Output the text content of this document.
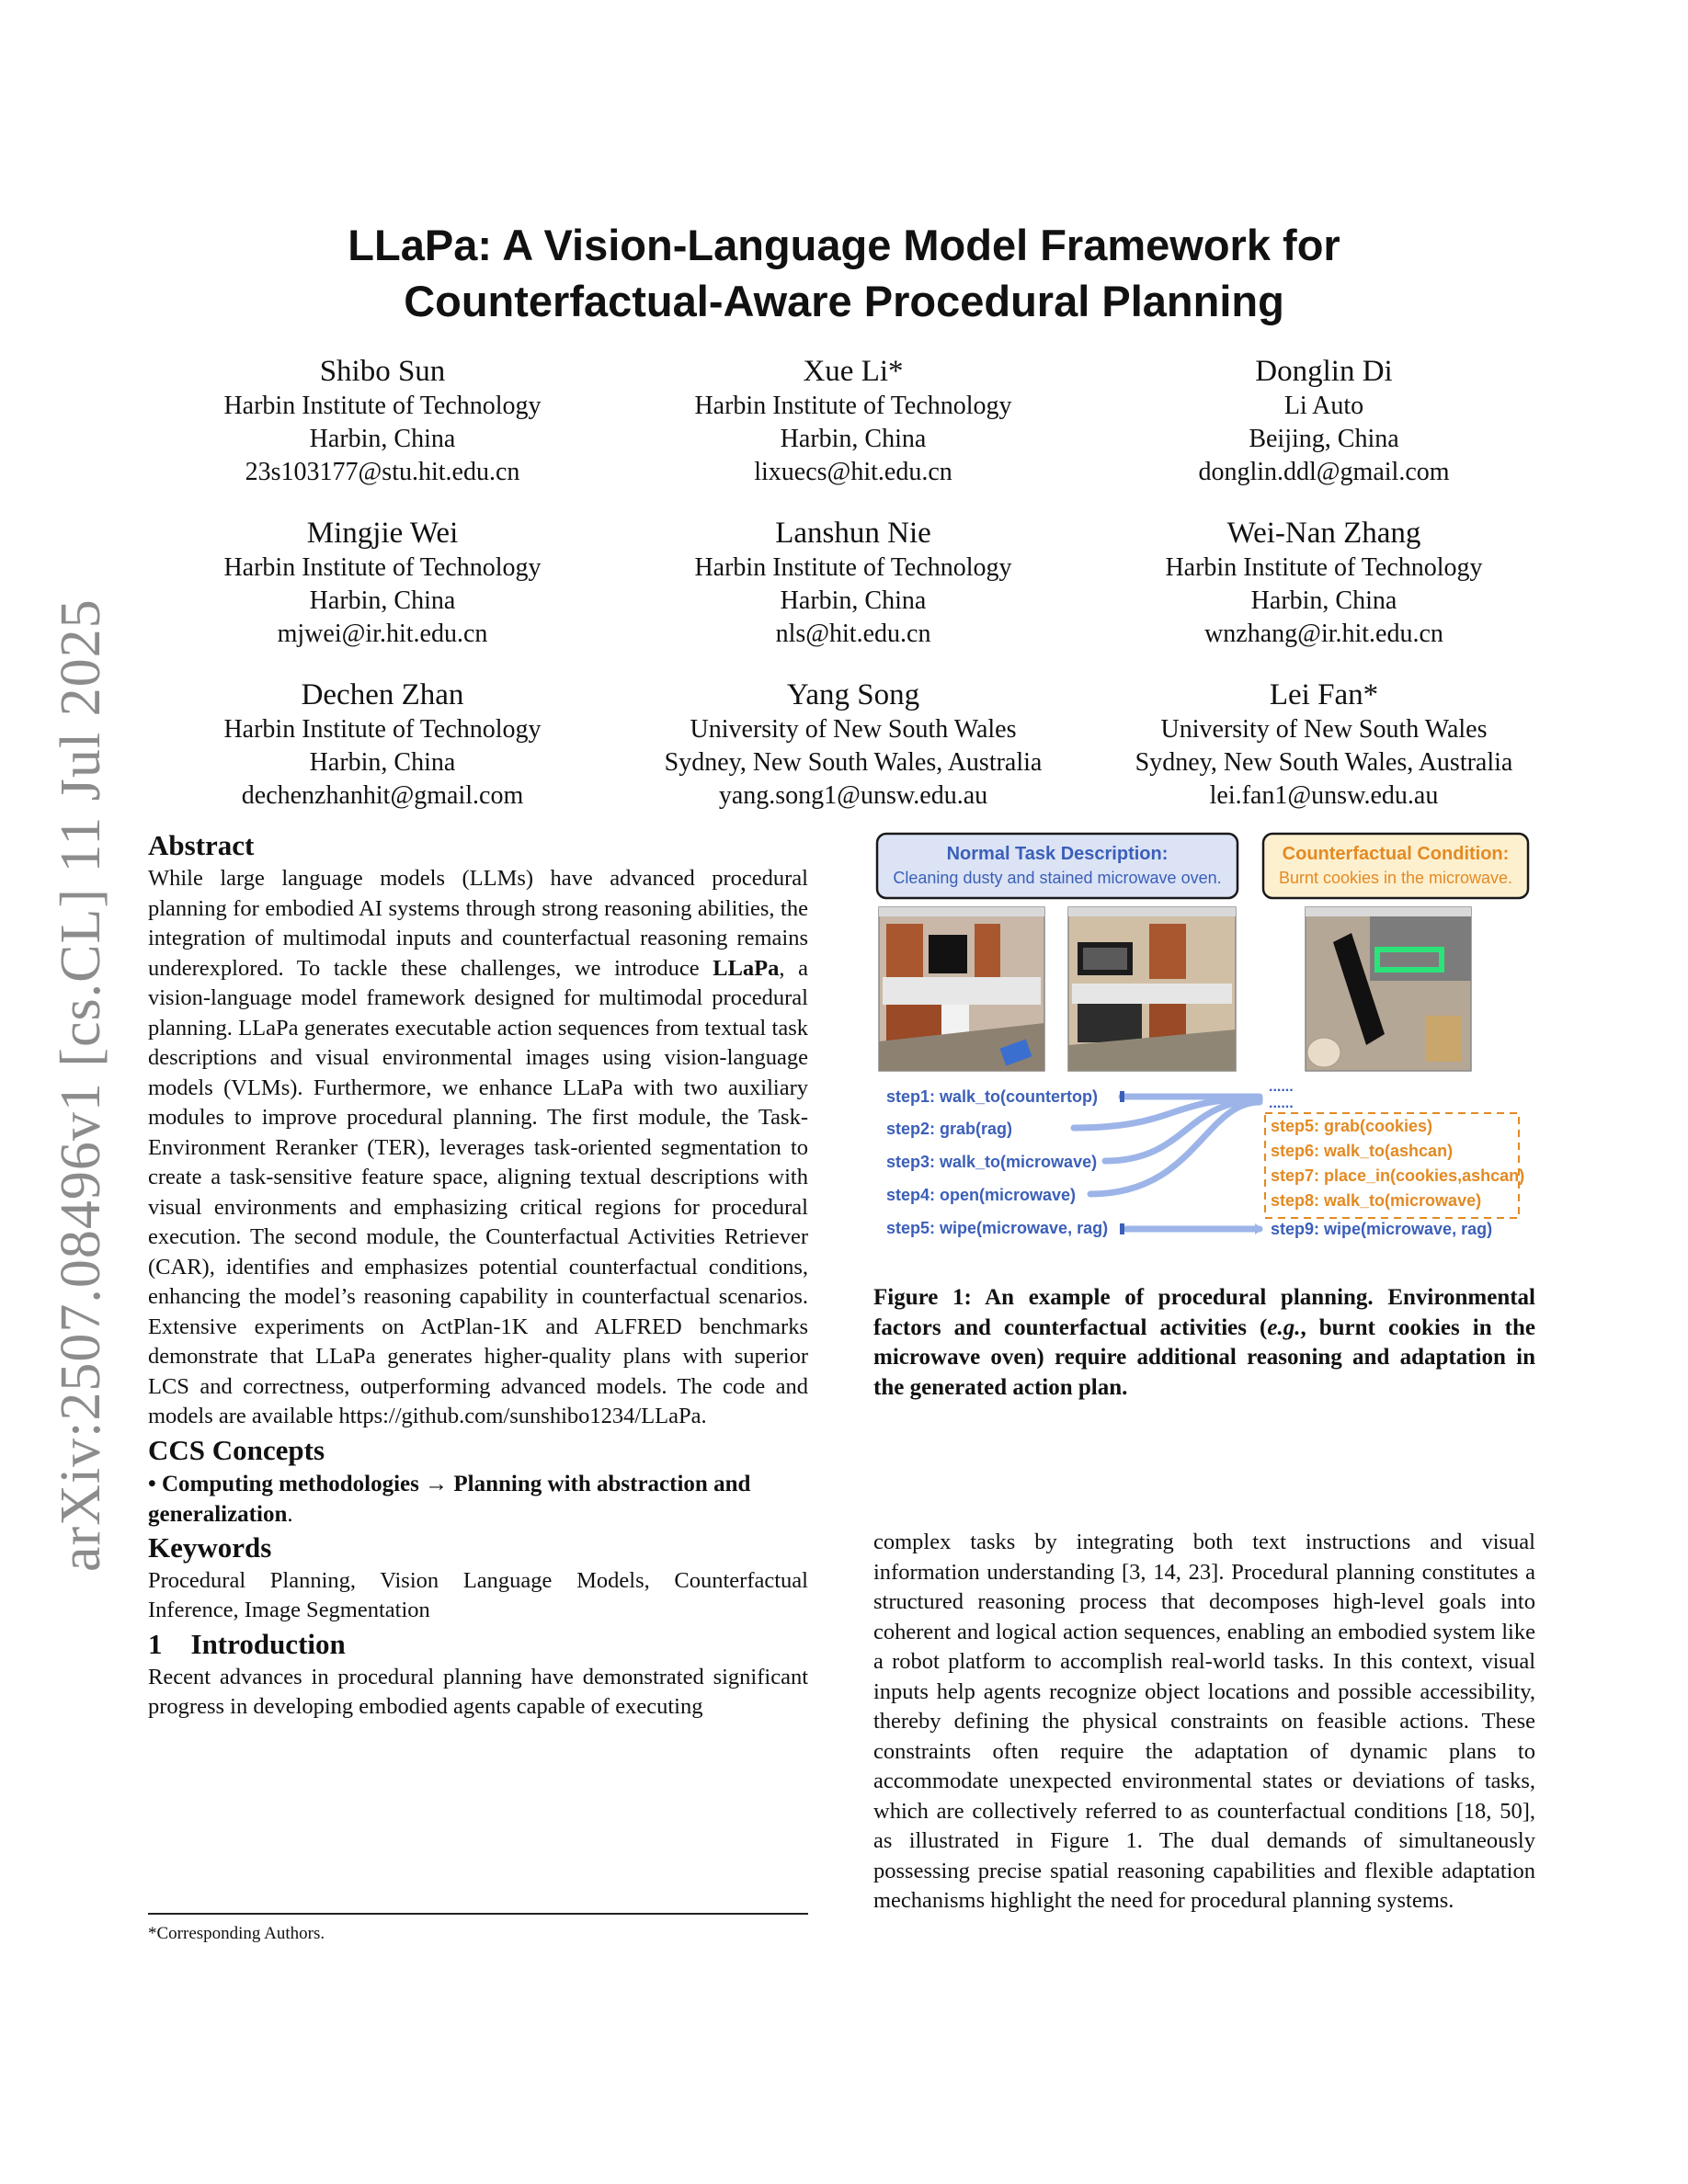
arXiv:2507.08496v1 [cs.CL] 11 Jul 2025
LLaPa: A Vision-Language Model Framework for
Counterfactual-Aware Procedural Planning
Shibo Sun
Harbin Institute of Technology
Harbin, China
23s103177@stu.hit.edu.cn
Xue Li*
Harbin Institute of Technology
Harbin, China
lixuecs@hit.edu.cn
Donglin Di
Li Auto
Beijing, China
donglin.ddl@gmail.com
Mingjie Wei
Harbin Institute of Technology
Harbin, China
mjwei@ir.hit.edu.cn
Lanshun Nie
Harbin Institute of Technology
Harbin, China
nls@hit.edu.cn
Wei-Nan Zhang
Harbin Institute of Technology
Harbin, China
wnzhang@ir.hit.edu.cn
Dechen Zhan
Harbin Institute of Technology
Harbin, China
dechenzhanhit@gmail.com
Yang Song
University of New South Wales
Sydney, New South Wales, Australia
yang.song1@unsw.edu.au
Lei Fan*
University of New South Wales
Sydney, New South Wales, Australia
lei.fan1@unsw.edu.au
Abstract

While large language models (LLMs) have advanced procedural planning for embodied AI systems through strong reasoning abilities, the integration of multimodal inputs and counterfactual reasoning remains underexplored. To tackle these challenges, we introduce LLaPa, a vision-language model framework designed for multimodal procedural planning. LLaPa generates executable action sequences from textual task descriptions and visual environmental images using vision-language models (VLMs). Furthermore, we enhance LLaPa with two auxiliary modules to improve procedural planning. The first module, the Task-Environment Reranker (TER), leverages task-oriented segmentation to create a task-sensitive feature space, aligning textual descriptions with visual environments and emphasizing critical regions for procedural execution. The second module, the Counterfactual Activities Retriever (CAR), identifies and emphasizes potential counterfactual conditions, enhancing the model’s reasoning capability in counterfactual scenarios. Extensive experiments on ActPlan-1K and ALFRED benchmarks demonstrate that LLaPa generates higher-quality plans with superior LCS and correctness, outperforming advanced models. The code and models are available https://github.com/sunshibo1234/LLaPa.

CCS Concepts
• Computing methodologies → Planning with abstraction and generalization.
Keywords

Procedural Planning, Vision Language Models, Counterfactual Inference, Image Segmentation

1    Introduction

Recent advances in procedural planning have demonstrated significant progress in developing embodied agents capable of executing

*Corresponding Authors.
Normal Task Description:
Cleaning dusty and stained microwave oven.
Counterfactual Condition:
Burnt cookies in the microwave.
step1: walk_to(countertop)
step2: grab(rag)
step3: walk_to(microwave)
step4: open(microwave)
step5: wipe(microwave, rag)
......
......
step5: grab(cookies)
step6: walk_to(ashcan)
step7: place_in(cookies,ashcan)
step8: walk_to(microwave)
step9: wipe(microwave, rag)
Figure 1: An example of procedural planning. Environmental factors and counterfactual activities (e.g., burnt cookies in the microwave oven) require additional reasoning and adaptation in the generated action plan.

complex tasks by integrating both text instructions and visual information understanding [3, 14, 23]. Procedural planning constitutes a structured reasoning process that decomposes high-level goals into coherent and logical action sequences, enabling an embodied system like a robot platform to accomplish real-world tasks. In this context, visual inputs help agents recognize object locations and possible accessibility, thereby defining the physical constraints on feasible actions. These constraints often require the adaptation of dynamic plans to accommodate unexpected environmental states or deviations of tasks, which are collectively referred to as counterfactual conditions [18, 50], as illustrated in Figure 1. The dual demands of simultaneously possessing precise spatial reasoning capabilities and flexible adaptation mechanisms highlight the need for procedural planning systems.
